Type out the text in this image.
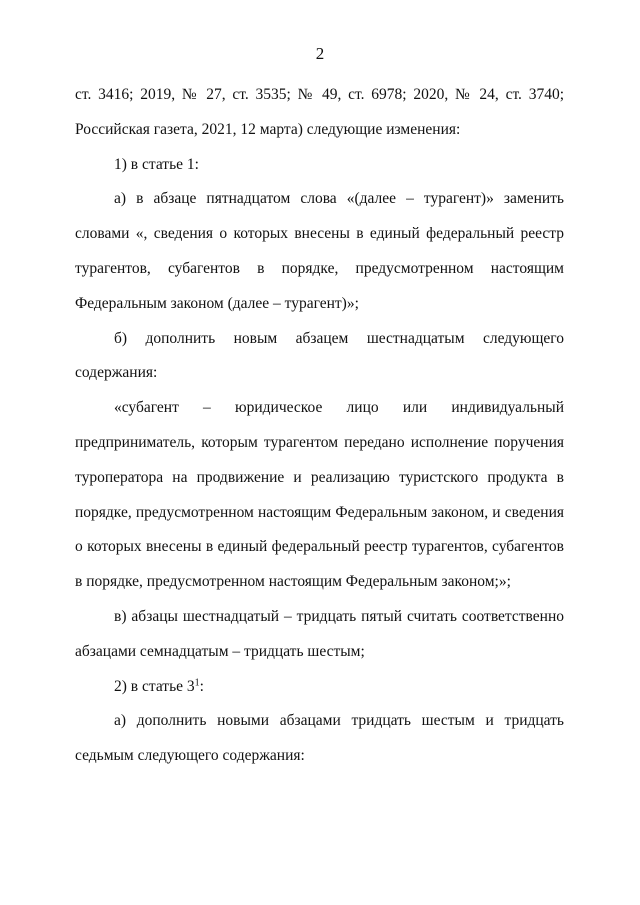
2

ст. 3416; 2019, № 27, ст. 3535; № 49, ст. 6978; 2020, № 24, ст. 3740;

Российская газета, 2021, 12 марта) следующие изменения:

1) в статье 1:

а) в абзаце пятнадцатом слова «(далее – турагент)» заменить словами «, сведения о которых внесены в единый федеральный реестр турагентов, субагентов в порядке, предусмотренном настоящим Федеральным законом (далее – турагент)»;

б) дополнить новым абзацем шестнадцатым следующего

содержания:

«субагент – юридическое лицо или индивидуальный

предприниматель, которым турагентом передано исполнение поручения туроператора на продвижение и реализацию туристского продукта в порядке, предусмотренном настоящим Федеральным законом, и сведения о которых внесены в единый федеральный реестр турагентов, субагентов в порядке, предусмотренном настоящим Федеральным законом;»;

в) абзацы шестнадцатый – тридцать пятый считать соответственно абзацами семнадцатым – тридцать шестым;

2) в статье $3^1$:

а) дополнить новыми абзацами тридцать шестым и тридцать седьмым следующего содержания:
